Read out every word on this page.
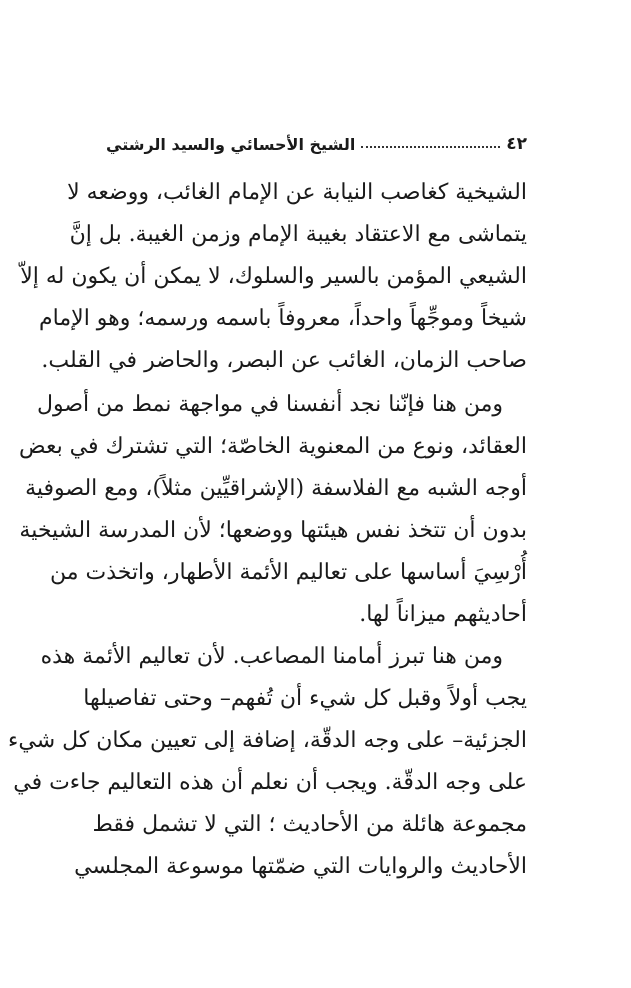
٤٢
الشيخ الأحسائي والسيد الرشتي
الشيخية كغاصب النيابة عن الإمام الغائب، ووضعه لا
يتماشى مع الاعتقاد بغيبة الإمام وزمن الغيبة. بل إنَّ
الشيعي المؤمن بالسير والسلوك، لا يمكن أن يكون له إلاّ
شيخاً وموجِّهاً واحداً، معروفاً باسمه ورسمه؛ وهو الإمام
صاحب الزمان، الغائب عن البصر، والحاضر في القلب.
ومن هنا فإنّنا نجد أنفسنا في مواجهة نمط من أصول
العقائد، ونوع من المعنوية الخاصّة؛ التي تشترك في بعض
أوجه الشبه مع الفلاسفة (الإشراقيِّين مثلاً)، ومع الصوفية
بدون أن تتخذ نفس هيئتها ووضعها؛ لأن المدرسة الشيخية
أُرْسِيَ أساسها على تعاليم الأئمة الأطهار، واتخذت من
أحاديثهم ميزاناً لها.
ومن هنا تبرز أمامنا المصاعب. لأن تعاليم الأئمة هذه
يجب أولاً وقبل كل شيء أن تُفهم– وحتى تفاصيلها
الجزئية– على وجه الدقّة، إضافة إلى تعيين مكان كل شيء
على وجه الدقّة. ويجب أن نعلم أن هذه التعاليم جاءت في
مجموعة هائلة من الأحاديث ؛ التي لا تشمل فقط
الأحاديث والروايات التي ضمّتها موسوعة المجلسي
